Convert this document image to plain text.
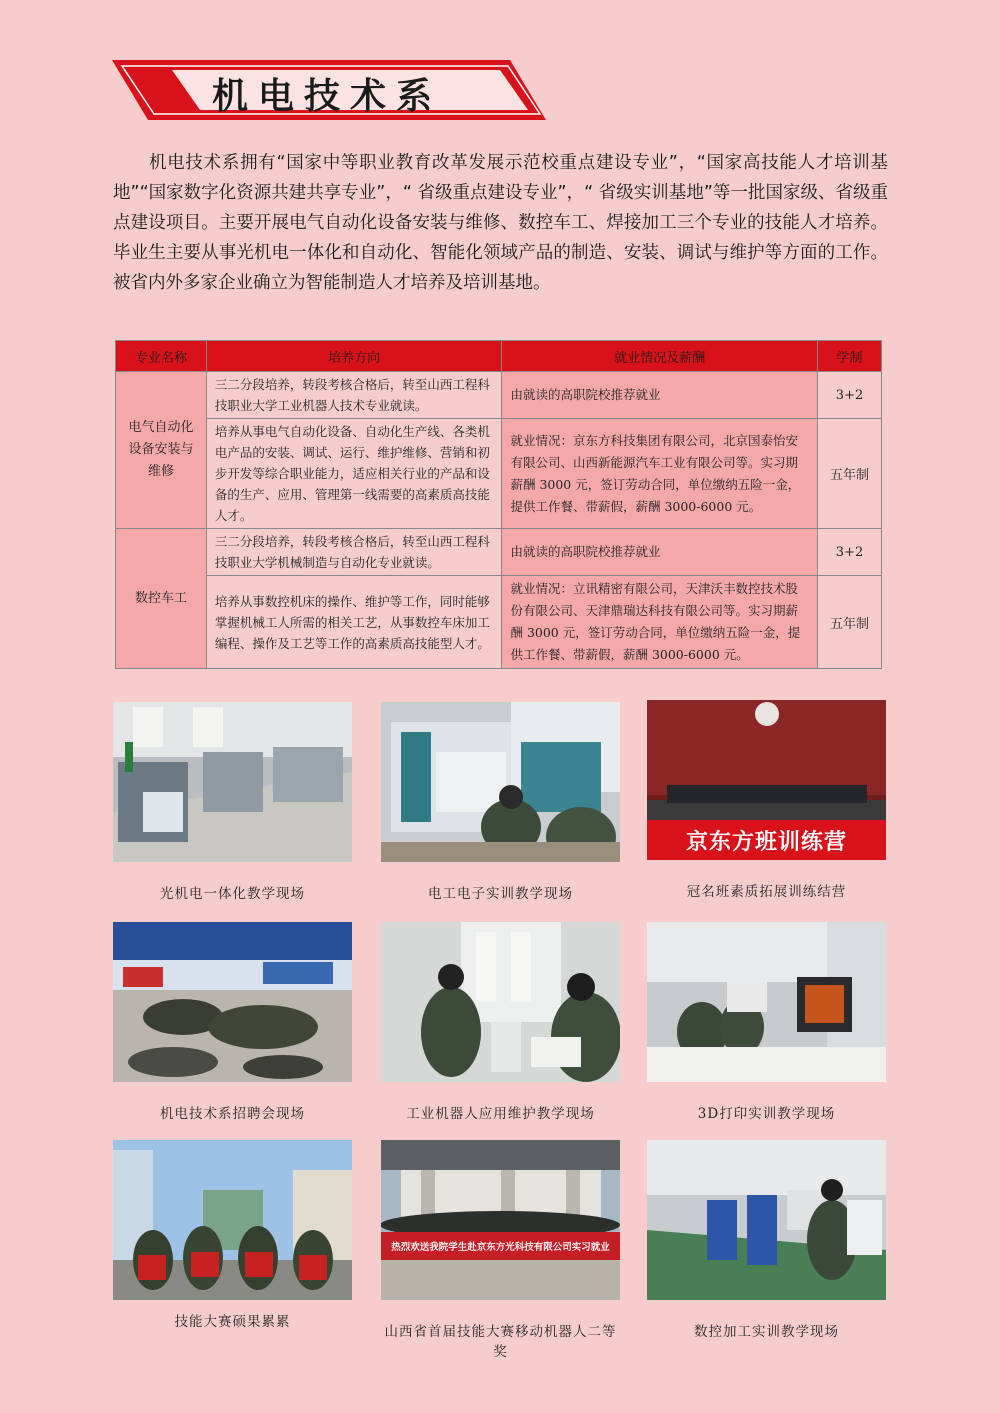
机电技术系

机电技术系拥有“国家中等职业教育改革发展示范校重点建设专业”，“国家高技能人才培训基地”“国家数字化资源共建共享专业”，“ 省级重点建设专业”，“ 省级实训基地”等一批国家级、省级重点建设项目。主要开展电气自动化设备安装与维修、数控车工、焊接加工三个专业的技能人才培养。毕业生主要从事光机电一体化和自动化、智能化领域产品的制造、安装、调试与维护等方面的工作。被省内外多家企业确立为智能制造人才培养及培训基地。

专业名称	培养方向	就业情况及薪酬	学制
电气自动化设备安装与维修	三二分段培养，转段考核合格后，转至山西工程科技职业大学工业机器人技术专业就读。	由就读的高职院校推荐就业	3+2
	培养从事电气自动化设备、自动化生产线、各类机电产品的安装、调试、运行、维护维修、营销和初步开发等综合职业能力，适应相关行业的产品和设备的生产、应用、管理第一线需要的高素质高技能人才。	就业情况：京东方科技集团有限公司，北京国泰怡安有限公司、山西新能源汽车工业有限公司等。实习期薪酬 3000 元，签订劳动合同，单位缴纳五险一金，提供工作餐、带薪假，薪酬 3000-6000 元。	五年制
数控车工	三二分段培养，转段考核合格后，转至山西工程科技职业大学机械制造与自动化专业就读。	由就读的高职院校推荐就业	3+2
	培养从事数控机床的操作、维护等工作，同时能够掌握机械工人所需的相关工艺，从事数控车床加工编程、操作及工艺等工作的高素质高技能型人才。	就业情况：立讯精密有限公司，天津沃丰数控技术股份有限公司、天津鼎瑞达科技有限公司等。实习期薪酬 3000 元，签订劳动合同，单位缴纳五险一金，提供工作餐、带薪假，薪酬 3000-6000 元。	五年制
光机电一体化教学现场	电工电子实训教学现场
京东方班训练营
冠名班素质拓展训练结营
机电技术系招聘会现场	工业机器人应用维护教学现场	3D打印实训教学现场
技能大赛硕果累累
热烈欢送我院学生赴京东方光科技有限公司实习就业
山西省首届技能大赛移动机器人二等奖
数控加工实训教学现场
